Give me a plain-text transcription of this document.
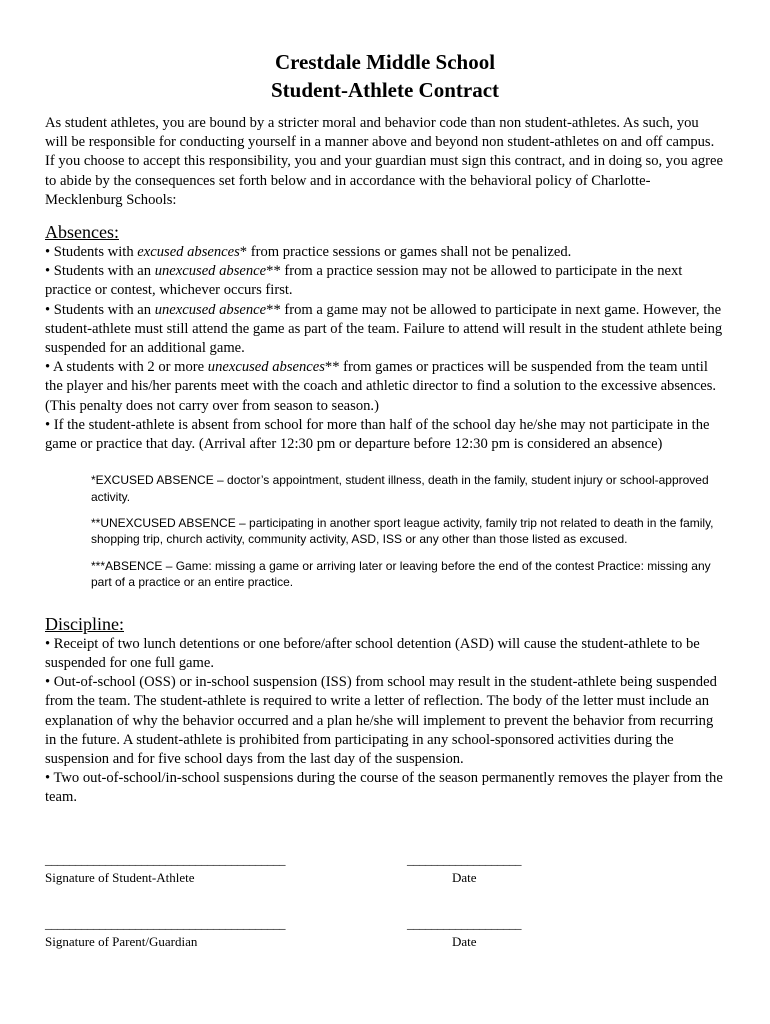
Crestdale Middle School
Student-Athlete Contract
As student athletes, you are bound by a stricter moral and behavior code than non student-athletes. As such, you will be responsible for conducting yourself in a manner above and beyond non student-athletes on and off campus. If you choose to accept this responsibility, you and your guardian must sign this contract, and in doing so, you agree to abide by the consequences set forth below and in accordance with the behavioral policy of Charlotte-Mecklenburg Schools:
Absences:
• Students with excused absences* from practice sessions or games shall not be penalized.
• Students with an unexcused absence** from a practice session may not be allowed to participate in the next practice or contest, whichever occurs first.
• Students with an unexcused absence** from a game may not be allowed to participate in next game. However, the student-athlete must still attend the game as part of the team. Failure to attend will result in the student athlete being suspended for an additional game.
• A students with 2 or more unexcused absences** from games or practices will be suspended from the team until the player and his/her parents meet with the coach and athletic director to find a solution to the excessive absences. (This penalty does not carry over from season to season.)
• If the student-athlete is absent from school for more than half of the school day he/she may not participate in the game or practice that day. (Arrival after 12:30 pm or departure before 12:30 pm is considered an absence)
*EXCUSED ABSENCE – doctor’s appointment, student illness, death in the family, student injury or school-approved activity.
**UNEXCUSED ABSENCE – participating in another sport league activity, family trip not related to death in the family, shopping trip, church activity, community activity, ASD, ISS or any other than those listed as excused.
***ABSENCE – Game: missing a game or arriving later or leaving before the end of the contest Practice: missing any part of a practice or an entire practice.
Discipline:
• Receipt of two lunch detentions or one before/after school detention (ASD) will cause the student-athlete to be suspended for one full game.
• Out-of-school (OSS) or in-school suspension (ISS) from school may result in the student-athlete being suspended from the team. The student-athlete is required to write a letter of reflection. The body of the letter must include an explanation of why the behavior occurred and a plan he/she will implement to prevent the behavior from recurring in the future. A student-athlete is prohibited from participating in any school-sponsored activities during the suspension and for five school days from the last day of the suspension.
• Two out-of-school/in-school suspensions during the course of the season permanently removes the player from the team.
________________________________________	___________________
Signature of Student-Athlete	Date
________________________________________	___________________
Signature of Parent/Guardian	Date
